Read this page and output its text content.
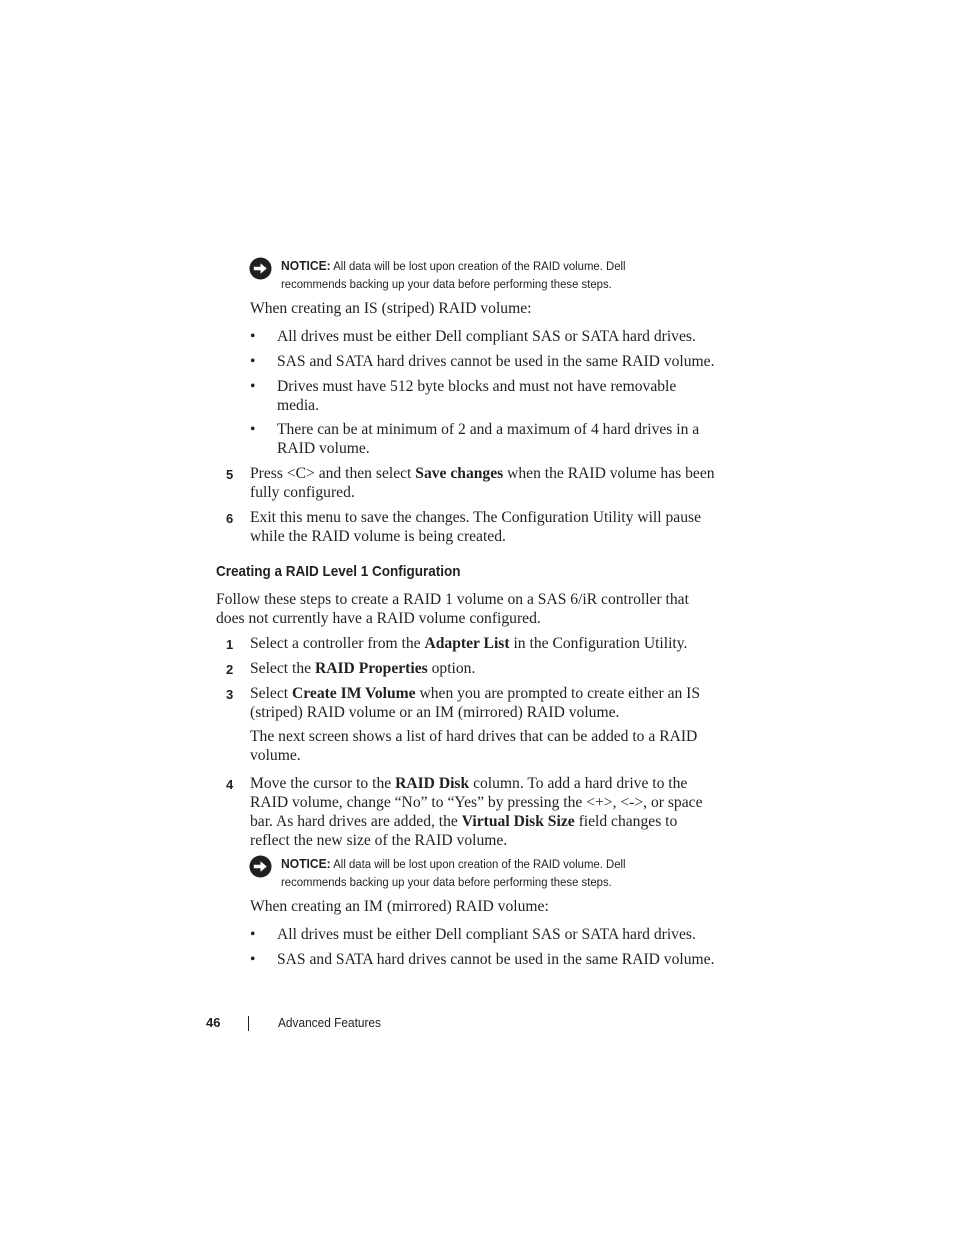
NOTICE: All data will be lost upon creation of the RAID volume. Dell
recommends backing up your data before performing these steps.
When creating an IS (striped) RAID volume:
• All drives must be either Dell compliant SAS or SATA hard drives.
• SAS and SATA hard drives cannot be used in the same RAID volume.
• Drives must have 512 byte blocks and must not have removable media.
• There can be at minimum of 2 and a maximum of 4 hard drives in a RAID volume.
5 Press <C> and then select Save changes when the RAID volume has been fully configured.
6 Exit this menu to save the changes. The Configuration Utility will pause while the RAID volume is being created.
Creating a RAID Level 1 Configuration
Follow these steps to create a RAID 1 volume on a SAS 6/iR controller that does not currently have a RAID volume configured.
1 Select a controller from the Adapter List in the Configuration Utility.
2 Select the RAID Properties option.
3 Select Create IM Volume when you are prompted to create either an IS (striped) RAID volume or an IM (mirrored) RAID volume.
The next screen shows a list of hard drives that can be added to a RAID volume.
4 Move the cursor to the RAID Disk column. To add a hard drive to the RAID volume, change “No” to “Yes” by pressing the <+>, <->, or space bar. As hard drives are added, the Virtual Disk Size field changes to reflect the new size of the RAID volume.
NOTICE: All data will be lost upon creation of the RAID volume. Dell
recommends backing up your data before performing these steps.
When creating an IM (mirrored) RAID volume:
• All drives must be either Dell compliant SAS or SATA hard drives.
• SAS and SATA hard drives cannot be used in the same RAID volume.
46	Advanced Features
